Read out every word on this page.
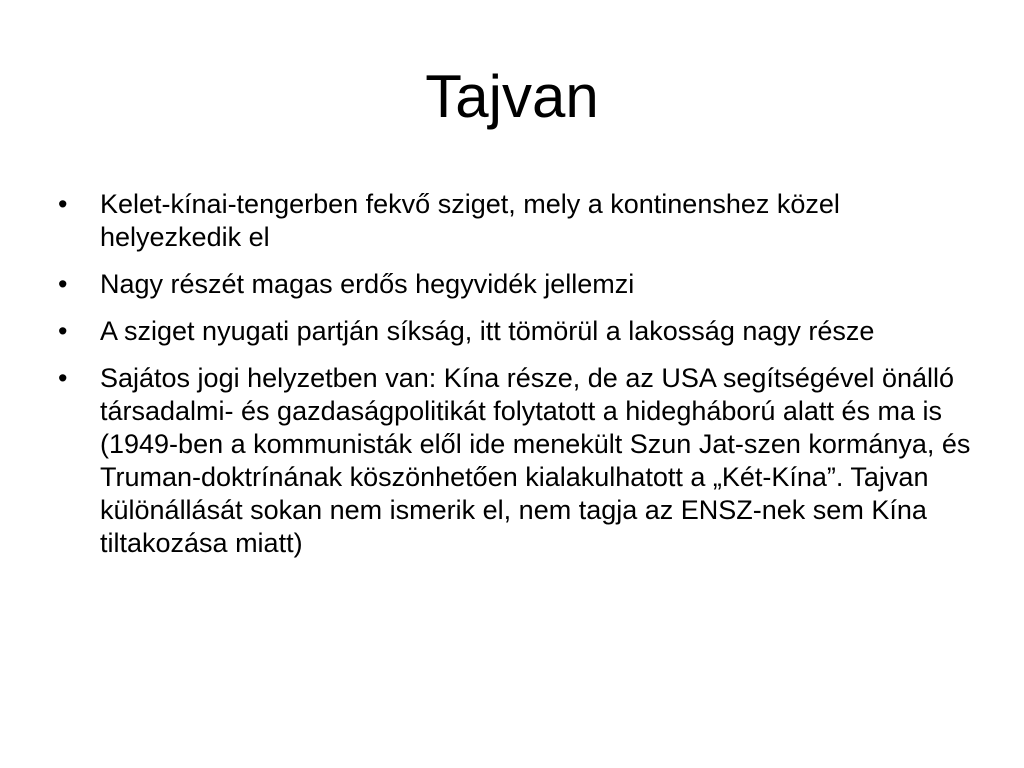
Tajvan
•	Kelet-kínai-tengerben fekvő sziget, mely a kontinenshez közel helyezkedik el
•	Nagy részét magas erdős hegyvidék jellemzi
•	A sziget nyugati partján síkság, itt tömörül a lakosság nagy része
•	Sajátos jogi helyzetben van: Kína része, de az USA segítségével önálló társadalmi- és gazdaságpolitikát folytatott a hidegháború alatt és ma is (1949-ben a kommunisták elől ide menekült Szun Jat-szen kormánya, és Truman-doktrínának köszönhetően kialakulhatott a „Két-Kína”. Tajvan különállását sokan nem ismerik el, nem tagja az ENSZ-nek sem Kína tiltakozása miatt)
